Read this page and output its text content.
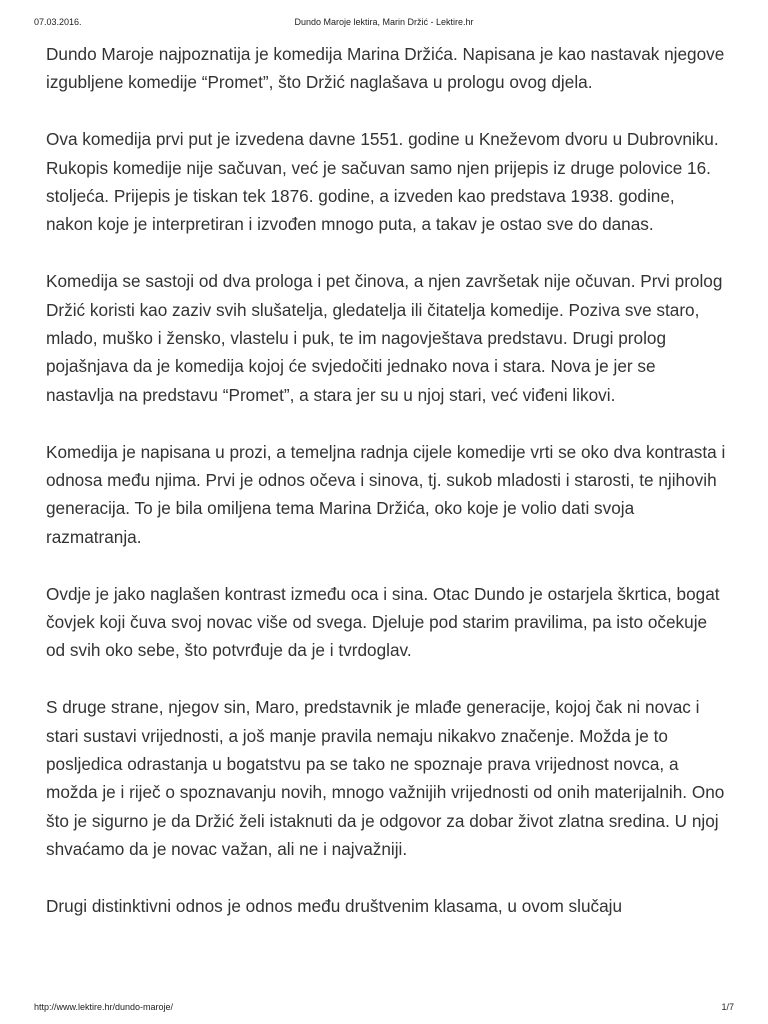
07.03.2016.	Dundo Maroje lektira, Marin Držić - Lektire.hr

Dundo Maroje najpoznatija je komedija Marina Držića. Napisana je kao nastavak njegove izgubljene komedije “Promet”, što Držić naglašava u prologu ovog djela.

Ova komedija prvi put je izvedena davne 1551. godine u Kneževom dvoru u Dubrovniku. Rukopis komedije nije sačuvan, već je sačuvan samo njen prijepis iz druge polovice 16. stoljeća. Prijepis je tiskan tek 1876. godine, a izveden kao predstava 1938. godine, nakon koje je interpretiran i izvođen mnogo puta, a takav je ostao sve do danas.

Komedija se sastoji od dva prologa i pet činova, a njen završetak nije očuvan. Prvi prolog Držić koristi kao zaziv svih slušatelja, gledatelja ili čitatelja komedije. Poziva sve staro, mlado, muško i žensko, vlastelu i puk, te im nagovještava predstavu. Drugi prolog pojašnjava da je komedija kojoj će svjedočiti jednako nova i stara. Nova je jer se nastavlja na predstavu “Promet”, a stara jer su u njoj stari, već viđeni likovi.

Komedija je napisana u prozi, a temeljna radnja cijele komedije vrti se oko dva kontrasta i odnosa među njima. Prvi je odnos očeva i sinova, tj. sukob mladosti i starosti, te njihovih generacija. To je bila omiljena tema Marina Držića, oko koje je volio dati svoja razmatranja.

Ovdje je jako naglašen kontrast između oca i sina. Otac Dundo je ostarjela škrtica, bogat čovjek koji čuva svoj novac više od svega. Djeluje pod starim pravilima, pa isto očekuje od svih oko sebe, što potvrđuje da je i tvrdoglav.

S druge strane, njegov sin, Maro, predstavnik je mlađe generacije, kojoj čak ni novac i stari sustavi vrijednosti, a još manje pravila nemaju nikakvo značenje. Možda je to posljedica odrastanja u bogatstvu pa se tako ne spoznaje prava vrijednost novca, a možda je i riječ o spoznavanju novih, mnogo važnijih vrijednosti od onih materijalnih. Ono što je sigurno je da Držić želi istaknuti da je odgovor za dobar život zlatna sredina. U njoj shvaćamo da je novac važan, ali ne i najvažniji.

Drugi distinktivni odnos je odnos među društvenim klasama, u ovom slučaju

http://www.lektire.hr/dundo-maroje/	1/7
